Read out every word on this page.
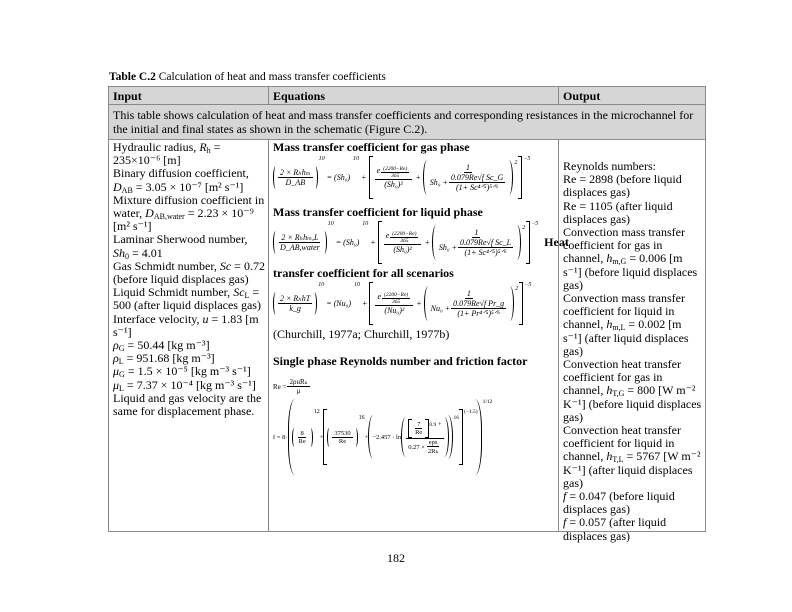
Table C.2 Calculation of heat and mass transfer coefficients
Input	Equations	Output
This table shows calculation of heat and mass transfer coefficients and corresponding resistances in the microchannel for the initial and final states as shown in the schematic (Figure C.2).

Hydraulic radius, $R_h = 235\times 10^{-6}$ [m]

Binary diffusion coefficient, $D_{AB} = 3.05 \times 10^{-7}$ [m² s⁻¹]

Mixture diffusion coefficient in water, $D_{AB,water} = 2.23 \times 10^{-9}$ [m² s⁻¹]

Laminar Sherwood number, $Sh_0 = 4.01$

Gas Schmidt number, Sc = 0.72 (before liquid displaces gas)

Liquid Schmidt number, $Sc_L = 500$ (after liquid displaces gas)

Interface velocity, u = 1.83 [m s⁻¹]

$\rho_G = 50.44$ [kg m⁻³]

$\rho_L = 951.68$ [kg m⁻³]

$\mu_G = 1.5 \times 10^{-5}$ [kg m⁻³ s⁻¹]

$\mu_L = 7.37 \times 10^{-4}$ [kg m⁻³ s⁻¹]

Liquid and gas velocity are the same for displacement phase.

Mass transfer coefficient for gas phase
$\frac{\text{2 × Rₕhₘ}}{D\_AB}$
10
= (Sh₀)
10
+ $\frac{e \frac{(2200-Re)}{365}}{\text{(Sh₀)²}} + \frac{1}{Sh_0 + \frac{\text{0.079Re√f Sc\_G}}{\text{(1+ Sc⁴ᐟ⁵)⁵ᐟ⁶}}} 2$
−5
Mass transfer coefficient for liquid phase
$\frac{\text{2 × Rₕhₘ,L}}{\text{D\_AB,water}}$
10
= (Sh₀)
10
+ $\frac{e \frac{(2200-Re)}{365}}{\text{(Sh₀)²}} + \frac{1}{Sh_0 + \frac{\text{0.079Re√f Sc\_L}}{\text{(1+ Sc⁴ᐟ⁵)⁵ᐟ⁶}}} 2$
−5
Heat
transfer coefficient for all scenarios
$\frac{\text{2 × RₕhT}}{k\_g}$
10
= (Nu₀)
10
+ $\frac{e \frac{(2200-Re)}{365}}{\text{(Nu₀)²}} + \frac{1}{Nu_0 + \frac{\text{0.079Re√f Pr\_g}}{\text{(1+ Pr⁴ᐟ⁵)⁵ᐟ⁶}}} 2$
−5
(Churchill, 1977a; Churchill, 1977b)
Single phase Reynolds number and friction factor
$Re = \frac{\text{2ρuRₕ}}{\mu}$
$f = 8\cdot \frac{8}{Re}$
12
+ $\frac{37530}{Re}$
16
+ $-2.457 \cdot \ln \frac{\frac{7}{Re} 0.9 +}{0.27 \times \frac{\text{eps}}{\text{2Rₕ}}}$
16
(−1.5)
1/12

Reynolds numbers:

Re = 2898 (before liquid displaces gas)

Re = 1105 (after liquid displaces gas)

Convection mass transfer coefficient for gas in channel, $h_{m,G} = 0.006$ [m s⁻¹] (before liquid displaces gas)

Convection mass transfer coefficient for liquid in channel, $h_{m,L} = 0.002$ [m s⁻¹] (after liquid displaces gas)

Convection heat transfer coefficient for gas in channel, $h_{T,G} = 800$ [W m⁻² K⁻¹] (before liquid displaces gas)

Convection heat transfer coefficient for liquid in channel, $h_{T,L} = 5767$ [W m⁻² K⁻¹] (after liquid displaces gas)

f = 0.047 (before liquid displaces gas)

f = 0.057 (after liquid displaces gas)

182
